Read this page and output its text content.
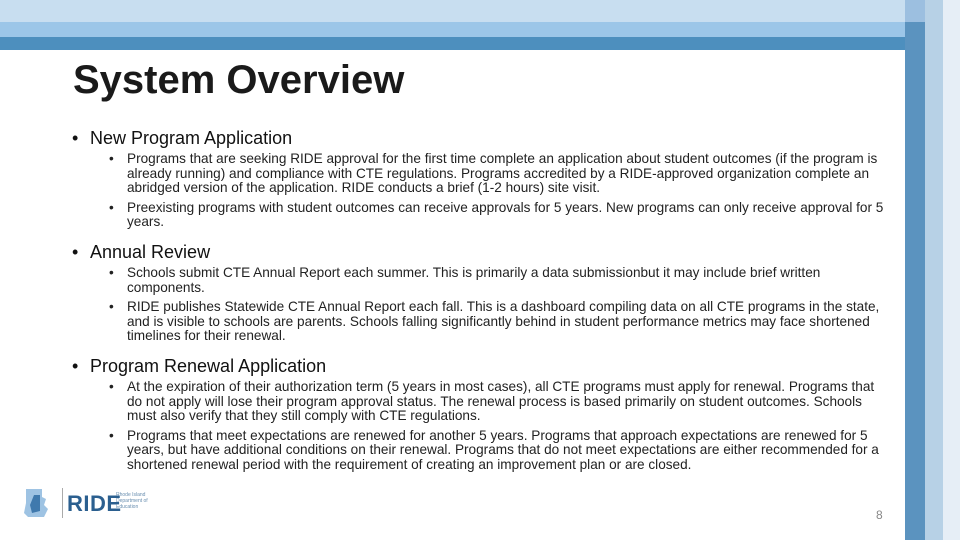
System Overview
• New Program Application
• Programs that are seeking RIDE approval for the first time complete an application about student outcomes (if the program is already running) and compliance with CTE regulations. Programs accredited by a RIDE-approved organization complete an abridged version of the application. RIDE conducts a brief (1-2 hours) site visit.
• Preexisting programs with student outcomes can receive approvals for 5 years. New programs can only receive approval for 5 years.
• Annual Review
• Schools submit CTE Annual Report each summer. This is primarily a data submissionbut it may include brief written components.
• RIDE publishes Statewide CTE Annual Report each fall. This is a dashboard compiling data on all CTE programs in the state, and is visible to schools are parents. Schools falling significantly behind in student performance metrics may face shortened timelines for their renewal.
• Program Renewal Application
• At the expiration of their authorization term (5 years in most cases), all CTE programs must apply for renewal. Programs that do not apply will lose their program approval status. The renewal process is based primarily on student outcomes. Schools must also verify that they still comply with CTE regulations.
• Programs that meet expectations are renewed for another 5 years. Programs that approach expectations are renewed for 5 years, but have additional conditions on their renewal. Programs that do not meet expectations are either recommended for a shortened renewal period with the requirement of creating an improvement plan or are closed.
RIDE
Rhode Island Department of Education
8
